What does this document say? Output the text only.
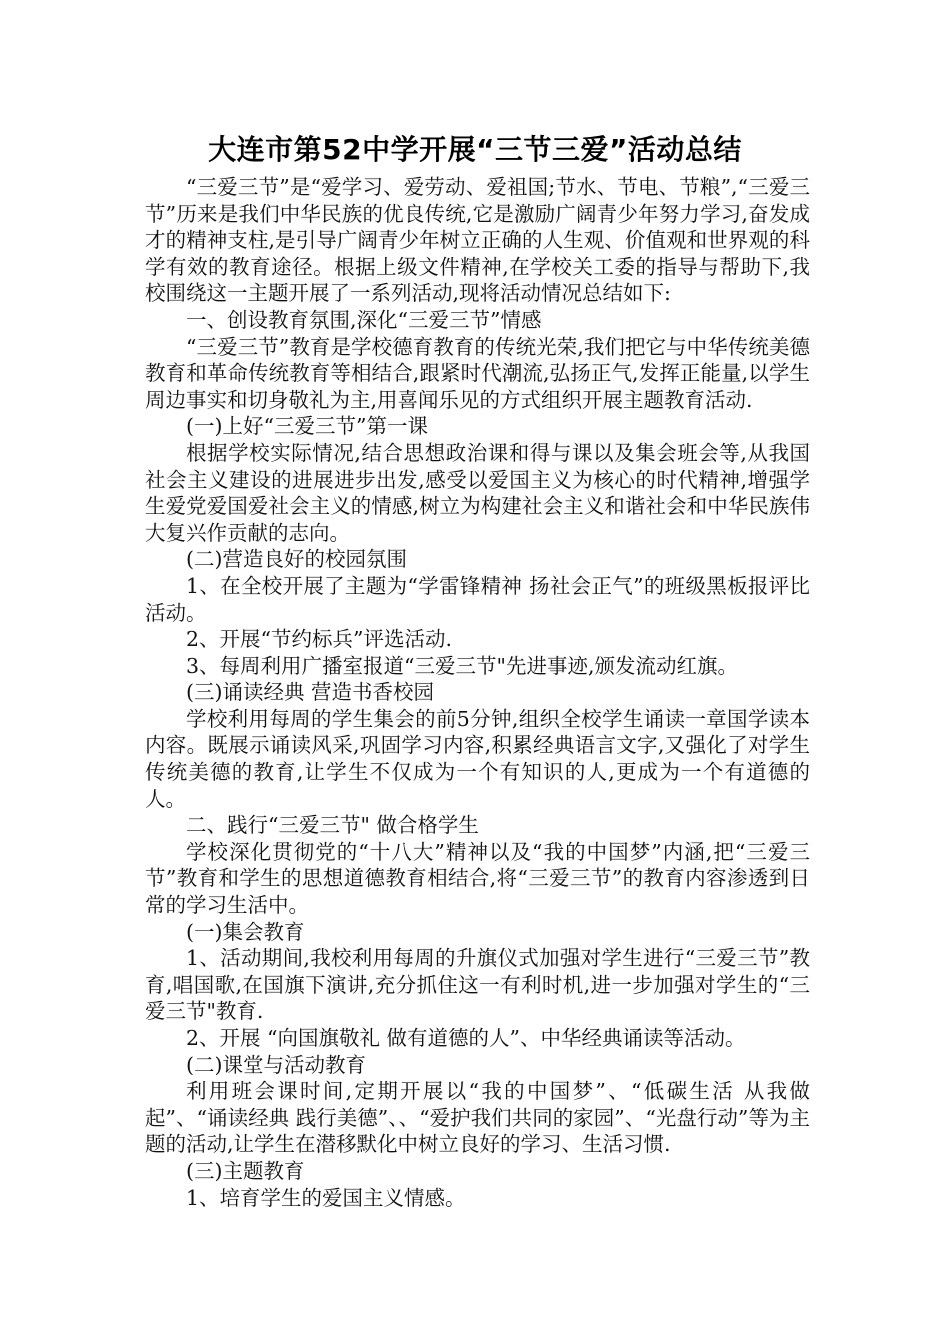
大连市第52中学开展“三节三爱”活动总结

“三爱三节”是“爱学习、爱劳动、爱祖国;节水、节电、节粮”,“三爱三节”历来是我们中华民族的优良传统,它是激励广阔青少年努力学习,奋发成才的精神支柱,是引导广阔青少年树立正确的人生观、价值观和世界观的科学有效的教育途径。根据上级文件精神,在学校关工委的指导与帮助下,我校围绕这一主题开展了一系列活动,现将活动情况总结如下:

一、创设教育氛围,深化“三爱三节”情感

“三爱三节”教育是学校德育教育的传统光荣,我们把它与中华传统美德教育和革命传统教育等相结合,跟紧时代潮流,弘扬正气,发挥正能量,以学生周边事实和切身敬礼为主,用喜闻乐见的方式组织开展主题教育活动.

(一)上好“三爱三节”第一课

根据学校实际情况,结合思想政治课和得与课以及集会班会等,从我国社会主义建设的进展进步出发,感受以爱国主义为核心的时代精神,增强学生爱党爱国爱社会主义的情感,树立为构建社会主义和谐社会和中华民族伟大复兴作贡献的志向。

(二)营造良好的校园氛围

1、在全校开展了主题为“学雷锋精神 扬社会正气”的班级黑板报评比活动。

2、开展“节约标兵”评选活动.

3、每周利用广播室报道“三爱三节"先进事迹,颁发流动红旗。

(三)诵读经典 营造书香校园

学校利用每周的学生集会的前5分钟,组织全校学生诵读一章国学读本内容。既展示诵读风采,巩固学习内容,积累经典语言文字,又强化了对学生传统美德的教育,让学生不仅成为一个有知识的人,更成为一个有道德的人。

二、践行“三爱三节" 做合格学生

学校深化贯彻党的“十八大”精神以及“我的中国梦”内涵,把“三爱三节”教育和学生的思想道德教育相结合,将“三爱三节”的教育内容渗透到日常的学习生活中。

(一)集会教育

1、活动期间,我校利用每周的升旗仪式加强对学生进行“三爱三节”教育,唱国歌,在国旗下演讲,充分抓住这一有利时机,进一步加强对学生的“三爱三节"教育.

2、开展 “向国旗敬礼 做有道德的人”、中华经典诵读等活动。

(二)课堂与活动教育

利用班会课时间,定期开展以“我的中国梦”、“低碳生活 从我做起”、“诵读经典 践行美德”、、“爱护我们共同的家园”、“光盘行动”等为主题的活动,让学生在潜移默化中树立良好的学习、生活习惯.

(三)主题教育

1、培育学生的爱国主义情感。
